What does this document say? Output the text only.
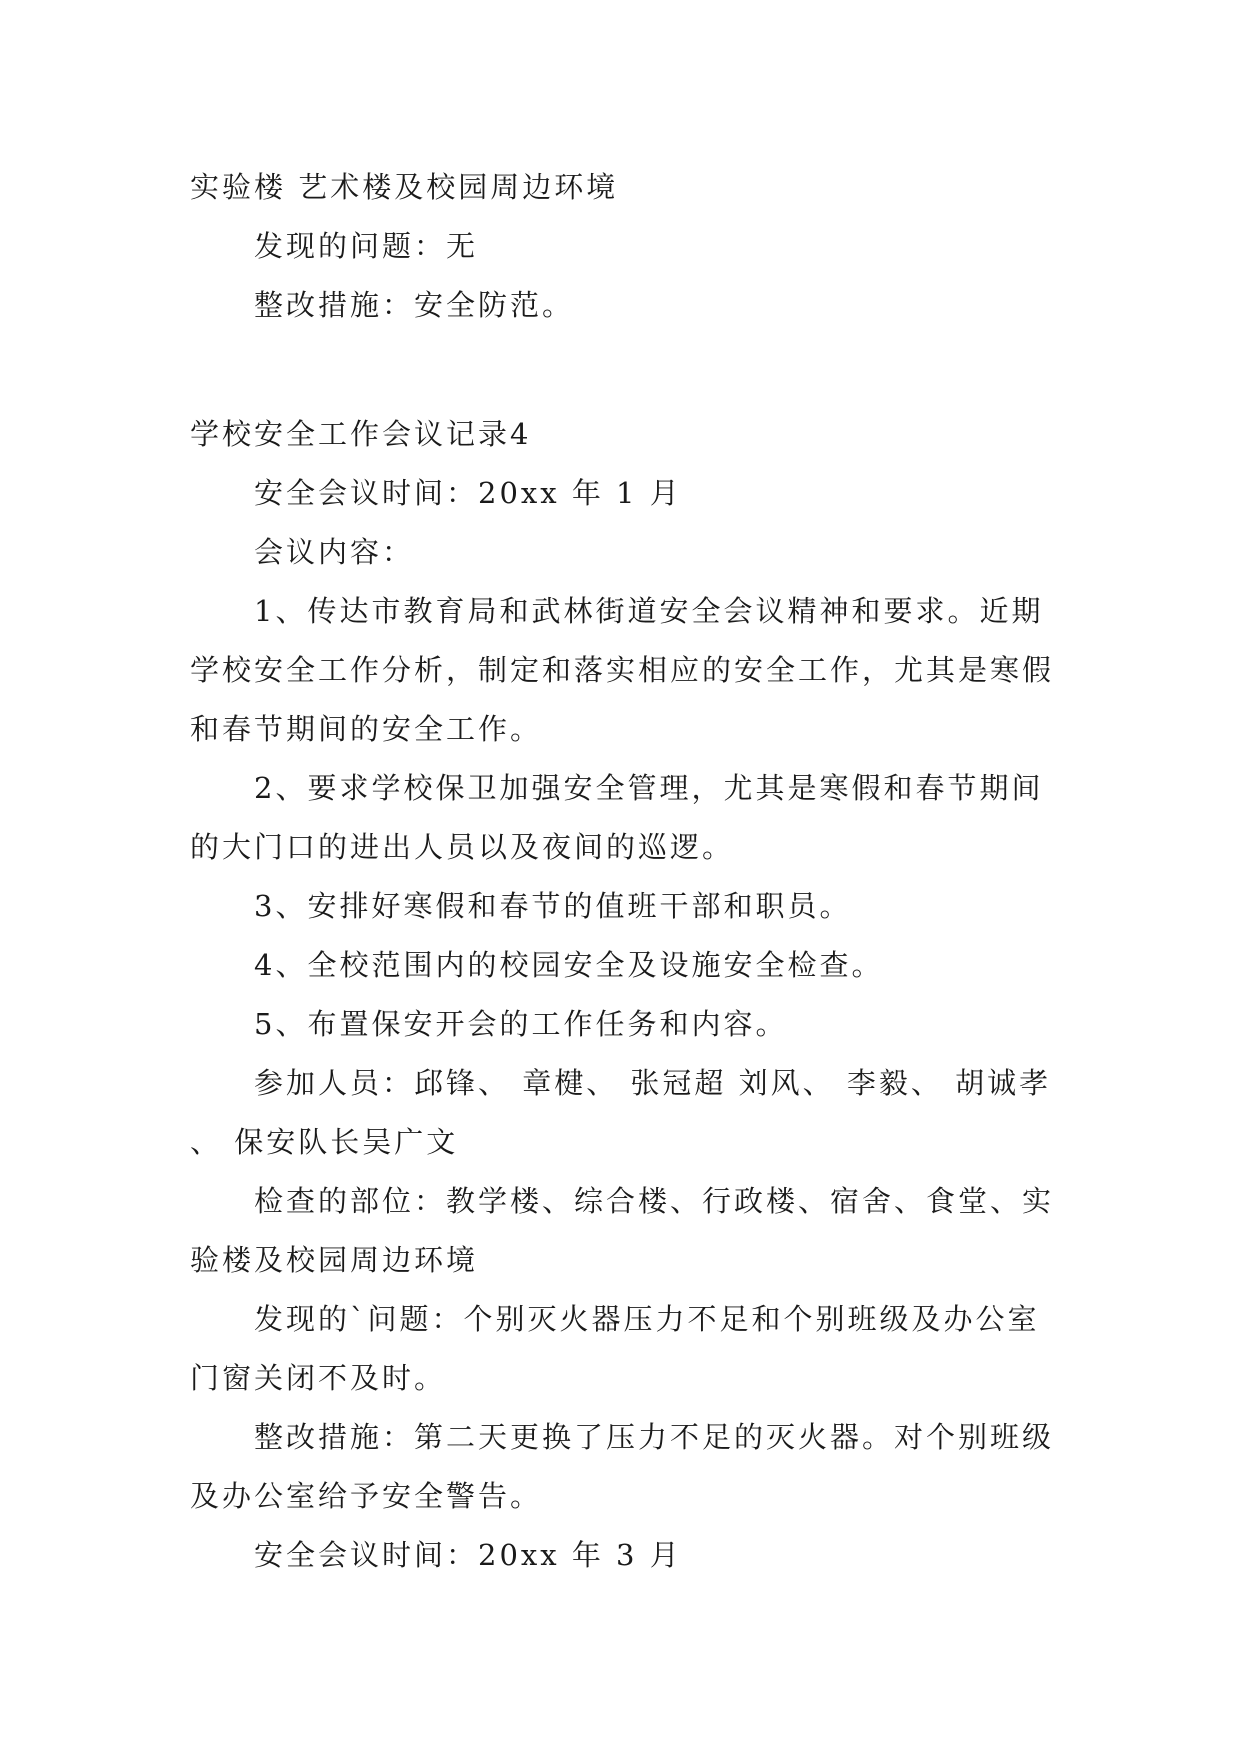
实验楼 艺术楼及校园周边环境

发现的问题：无

整改措施：安全防范。

学校安全工作会议记录4

安全会议时间：20xx 年 1 月

会议内容：

1、传达市教育局和武林街道安全会议精神和要求。近期学校安全工作分析，制定和落实相应的安全工作，尤其是寒假和春节期间的安全工作。

2、要求学校保卫加强安全管理，尤其是寒假和春节期间的大门口的进出人员以及夜间的巡逻。

3、安排好寒假和春节的值班干部和职员。

4、全校范围内的校园安全及设施安全检查。

5、布置保安开会的工作任务和内容。

参加人员：邱锋、 章楗、 张冠超 刘风、 李毅、 胡诚孝 、 保安队长吴广文

检查的部位：教学楼、综合楼、行政楼、宿舍、食堂、实验楼及校园周边环境

发现的`问题：个别灭火器压力不足和个别班级及办公室门窗关闭不及时。

整改措施：第二天更换了压力不足的灭火器。对个别班级及办公室给予安全警告。

安全会议时间：20xx 年 3 月
